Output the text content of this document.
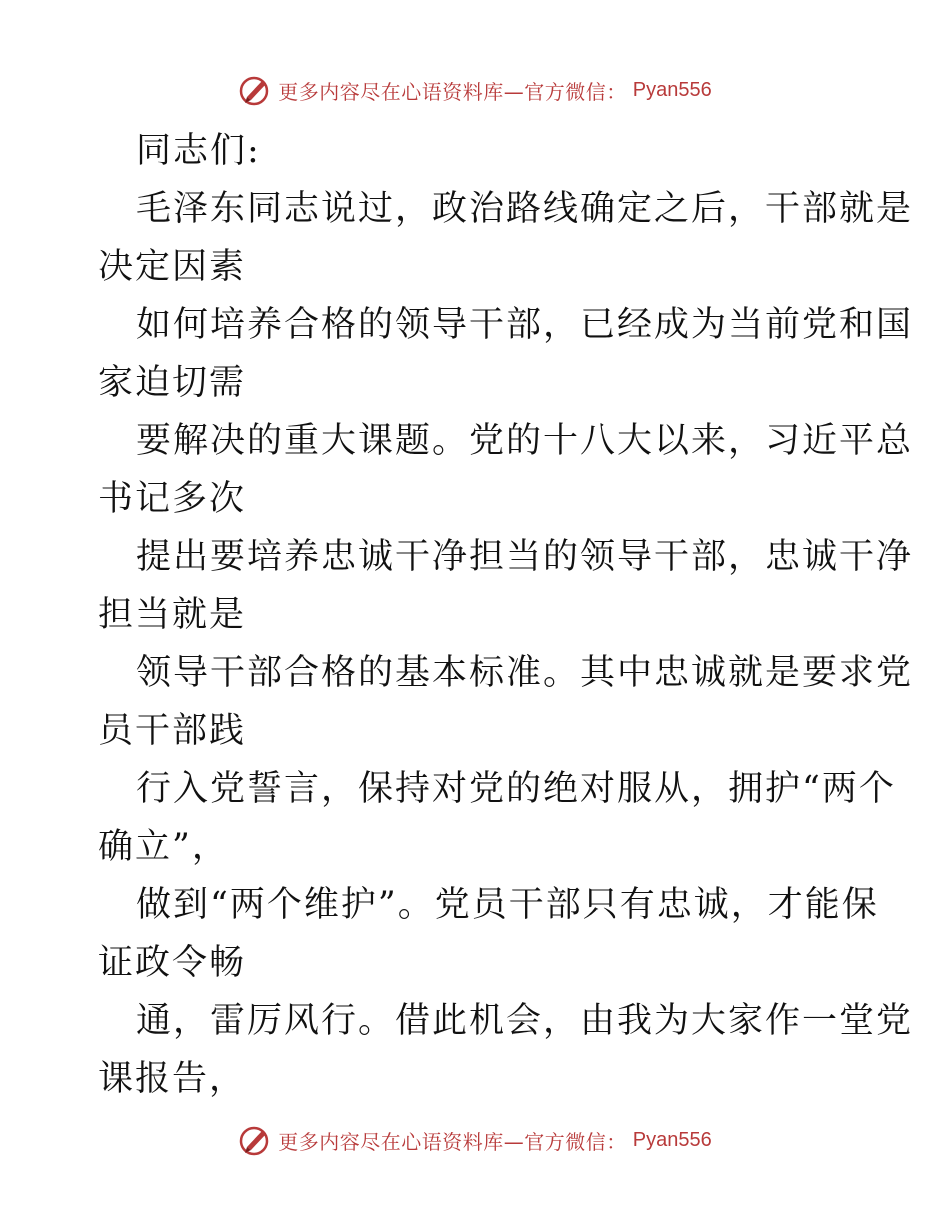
更多内容尽在心语资料库—官方微信： Pyan556
同志们:
毛泽东同志说过，政治路线确定之后，干部就是
决定因素
如何培养合格的领导干部，已经成为当前党和国
家迫切需
要解决的重大课题。党的十八大以来，习近平总
书记多次
提出要培养忠诚干净担当的领导干部，忠诚干净
担当就是
领导干部合格的基本标准。其中忠诚就是要求党
员干部践
行入党誓言，保持对党的绝对服从，拥护“两个
确立”，
做到“两个维护”。党员干部只有忠诚，才能保
证政令畅
通，雷厉风行。借此机会，由我为大家作一堂党
课报告，
更多内容尽在心语资料库—官方微信： Pyan556
